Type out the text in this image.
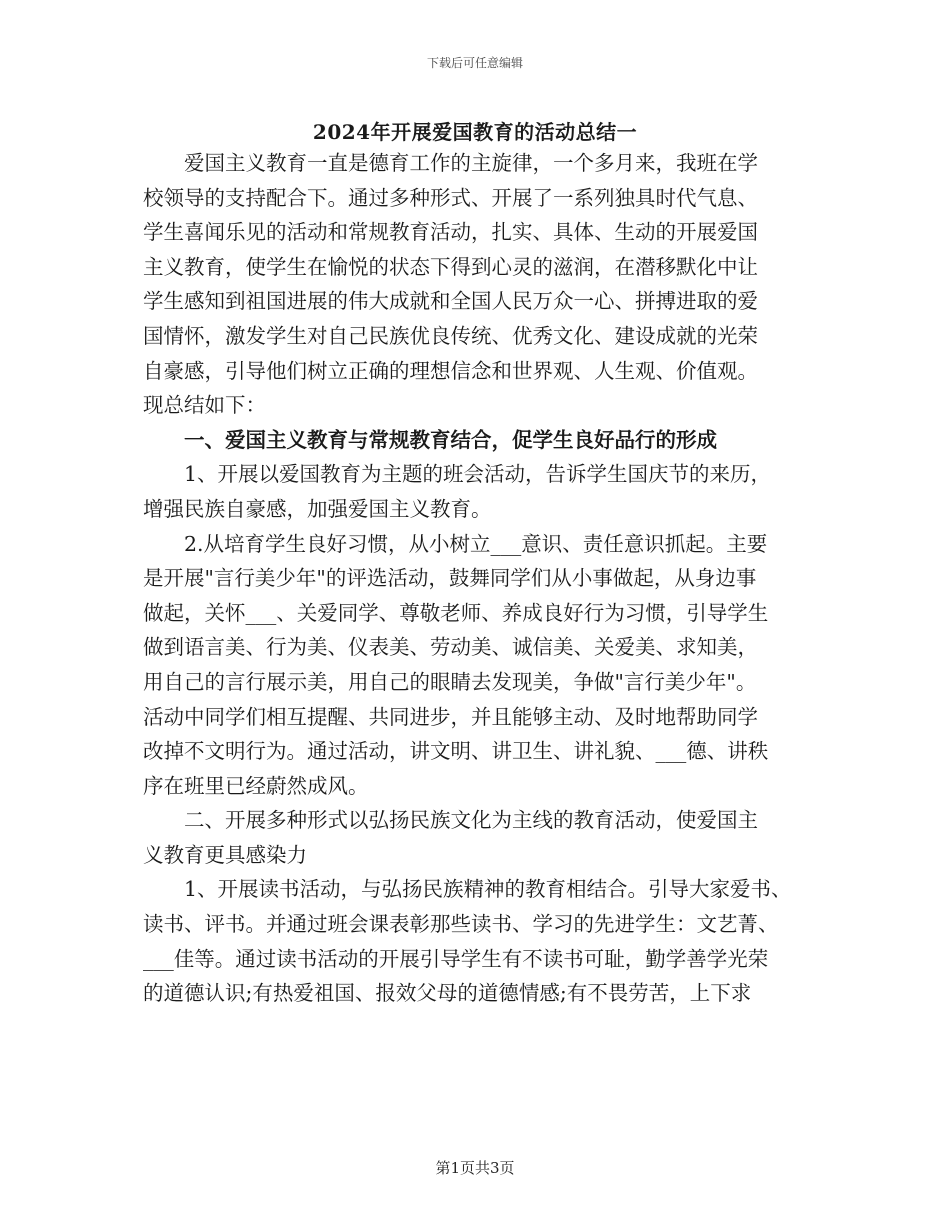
下载后可任意编辑
2024年开展爱国教育的活动总结一
爱国主义教育一直是德育工作的主旋律，一个多月来，我班在学
校领导的支持配合下。通过多种形式、开展了一系列独具时代气息、
学生喜闻乐见的活动和常规教育活动，扎实、具体、生动的开展爱国
主义教育，使学生在愉悦的状态下得到心灵的滋润，在潜移默化中让
学生感知到祖国进展的伟大成就和全国人民万众一心、拼搏进取的爱
国情怀，激发学生对自己民族优良传统、优秀文化、建设成就的光荣
自豪感，引导他们树立正确的理想信念和世界观、人生观、价值观。
现总结如下：
一、爱国主义教育与常规教育结合，促学生良好品行的形成
1、开展以爱国教育为主题的班会活动，告诉学生国庆节的来历，
增强民族自豪感，加强爱国主义教育。
2.从培育学生良好习惯，从小树立___意识、责任意识抓起。主要
是开展"言行美少年"的评选活动，鼓舞同学们从小事做起，从身边事
做起，关怀___、关爱同学、尊敬老师、养成良好行为习惯，引导学生
做到语言美、行为美、仪表美、劳动美、诚信美、关爱美、求知美，
用自己的言行展示美，用自己的眼睛去发现美，争做"言行美少年"。
活动中同学们相互提醒、共同进步，并且能够主动、及时地帮助同学
改掉不文明行为。通过活动，讲文明、讲卫生、讲礼貌、___德、讲秩
序在班里已经蔚然成风。
二、开展多种形式以弘扬民族文化为主线的教育活动，使爱国主
义教育更具感染力
1、开展读书活动，与弘扬民族精神的教育相结合。引导大家爱书、
读书、评书。并通过班会课表彰那些读书、学习的先进学生：文艺菁、
___佳等。通过读书活动的开展引导学生有不读书可耻，勤学善学光荣
的道德认识;有热爱祖国、报效父母的道德情感;有不畏劳苦，上下求
第1页共3页
